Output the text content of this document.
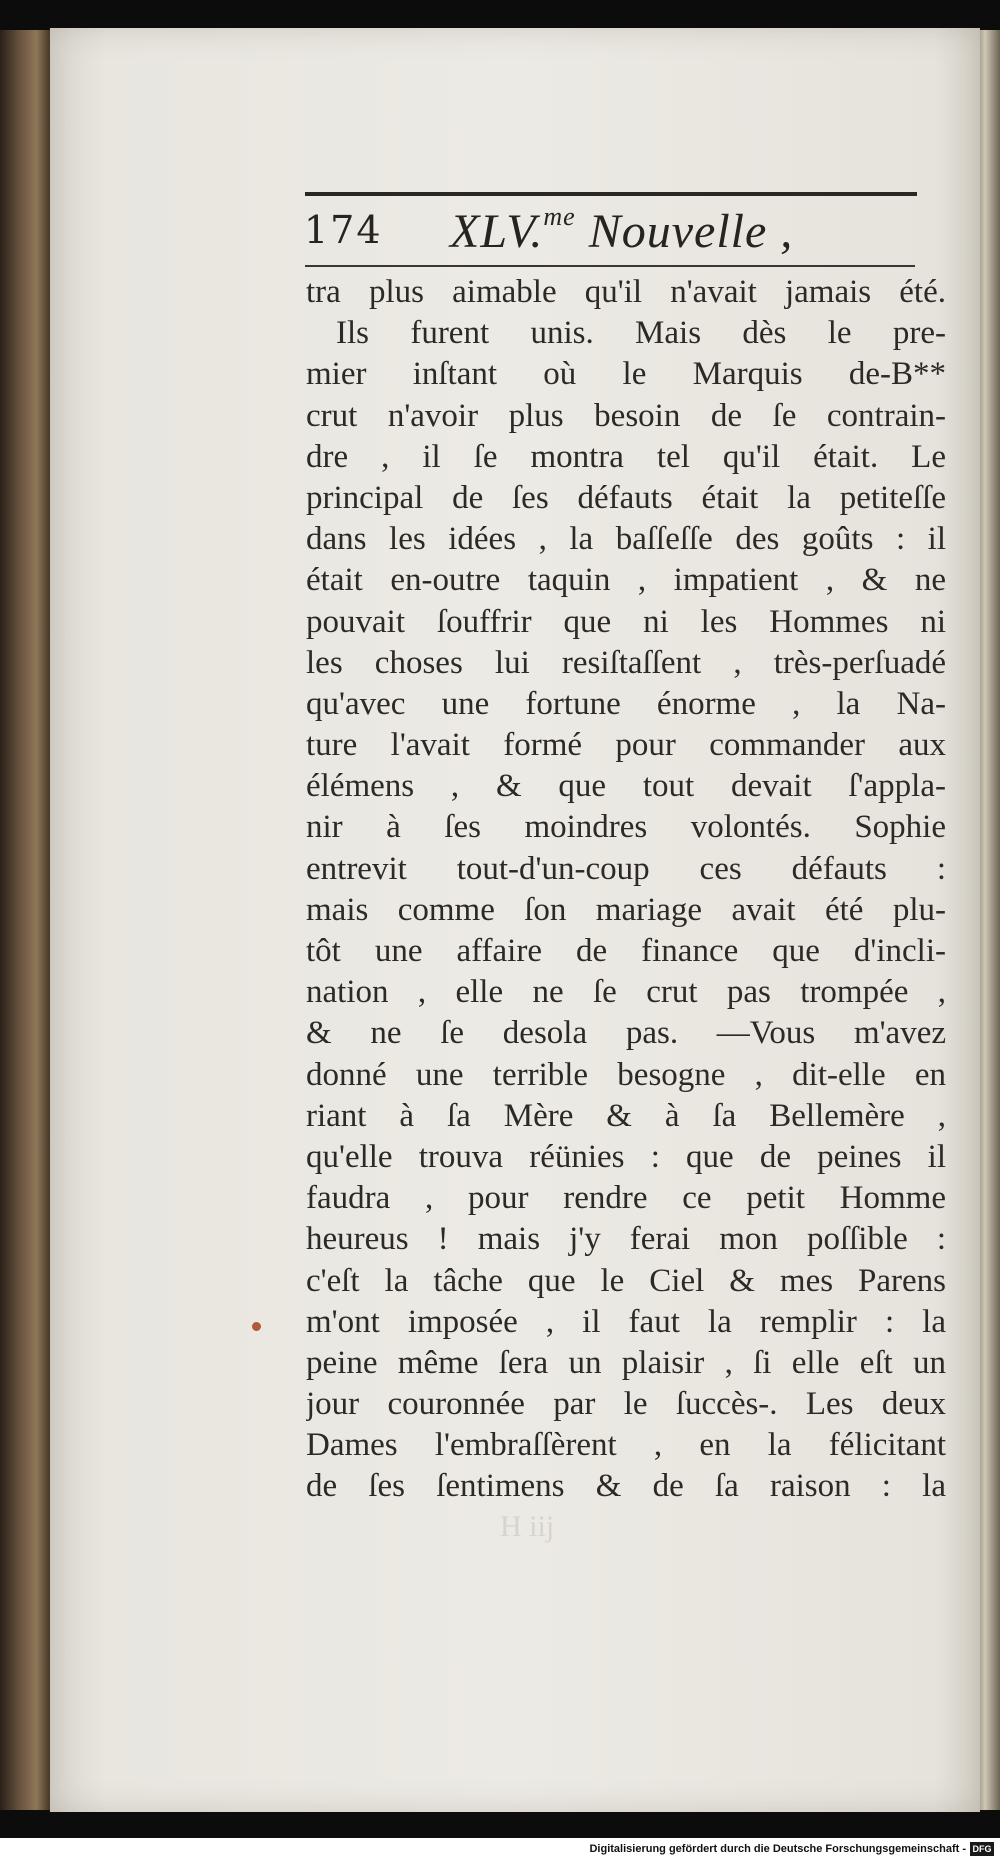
174 XLV.$^{me}$ Nouvelle ,
tra plus aimable qu'il n'avait jamais été.
Ils furent unis. Mais dès le pre-
mier inſtant où le Marquis de-B**
crut n'avoir plus besoin de ſe contrain-
dre , il ſe montra tel qu'il était. Le
principal de ſes défauts était la petiteſſe
dans les idées , la baſſeſſe des goûts : il
était en-outre taquin , impatient , & ne
pouvait ſouffrir que ni les Hommes ni
les choses lui resiſtaſſent , très-perſuadé
qu'avec une fortune énorme , la Na-
ture l'avait formé pour commander aux
élémens , & que tout devait ſ'appla-
nir à ſes moindres volontés. Sophie
entrevit tout-d'un-coup ces défauts :
mais comme ſon mariage avait été plu-
tôt une affaire de finance que d'incli-
nation , elle ne ſe crut pas trompée ,
& ne ſe desola pas. —Vous m'avez
donné une terrible besogne , dit-elle en
riant à ſa Mère & à ſa Bellemère ,
qu'elle trouva réünies : que de peines il
faudra , pour rendre ce petit Homme
heureus ! mais j'y ferai mon poſſible :
c'eſt la tâche que le Ciel & mes Parens
m'ont imposée , il faut la remplir : la
peine même ſera un plaisir , ſi elle eſt un
jour couronnée par le ſuccès-. Les deux
Dames l'embraſſèrent , en la félicitant
de ſes ſentimens & de ſa raison : la
H iij
Digitalisierung gefördert durch die Deutsche Forschungsgemeinschaft - DFG
